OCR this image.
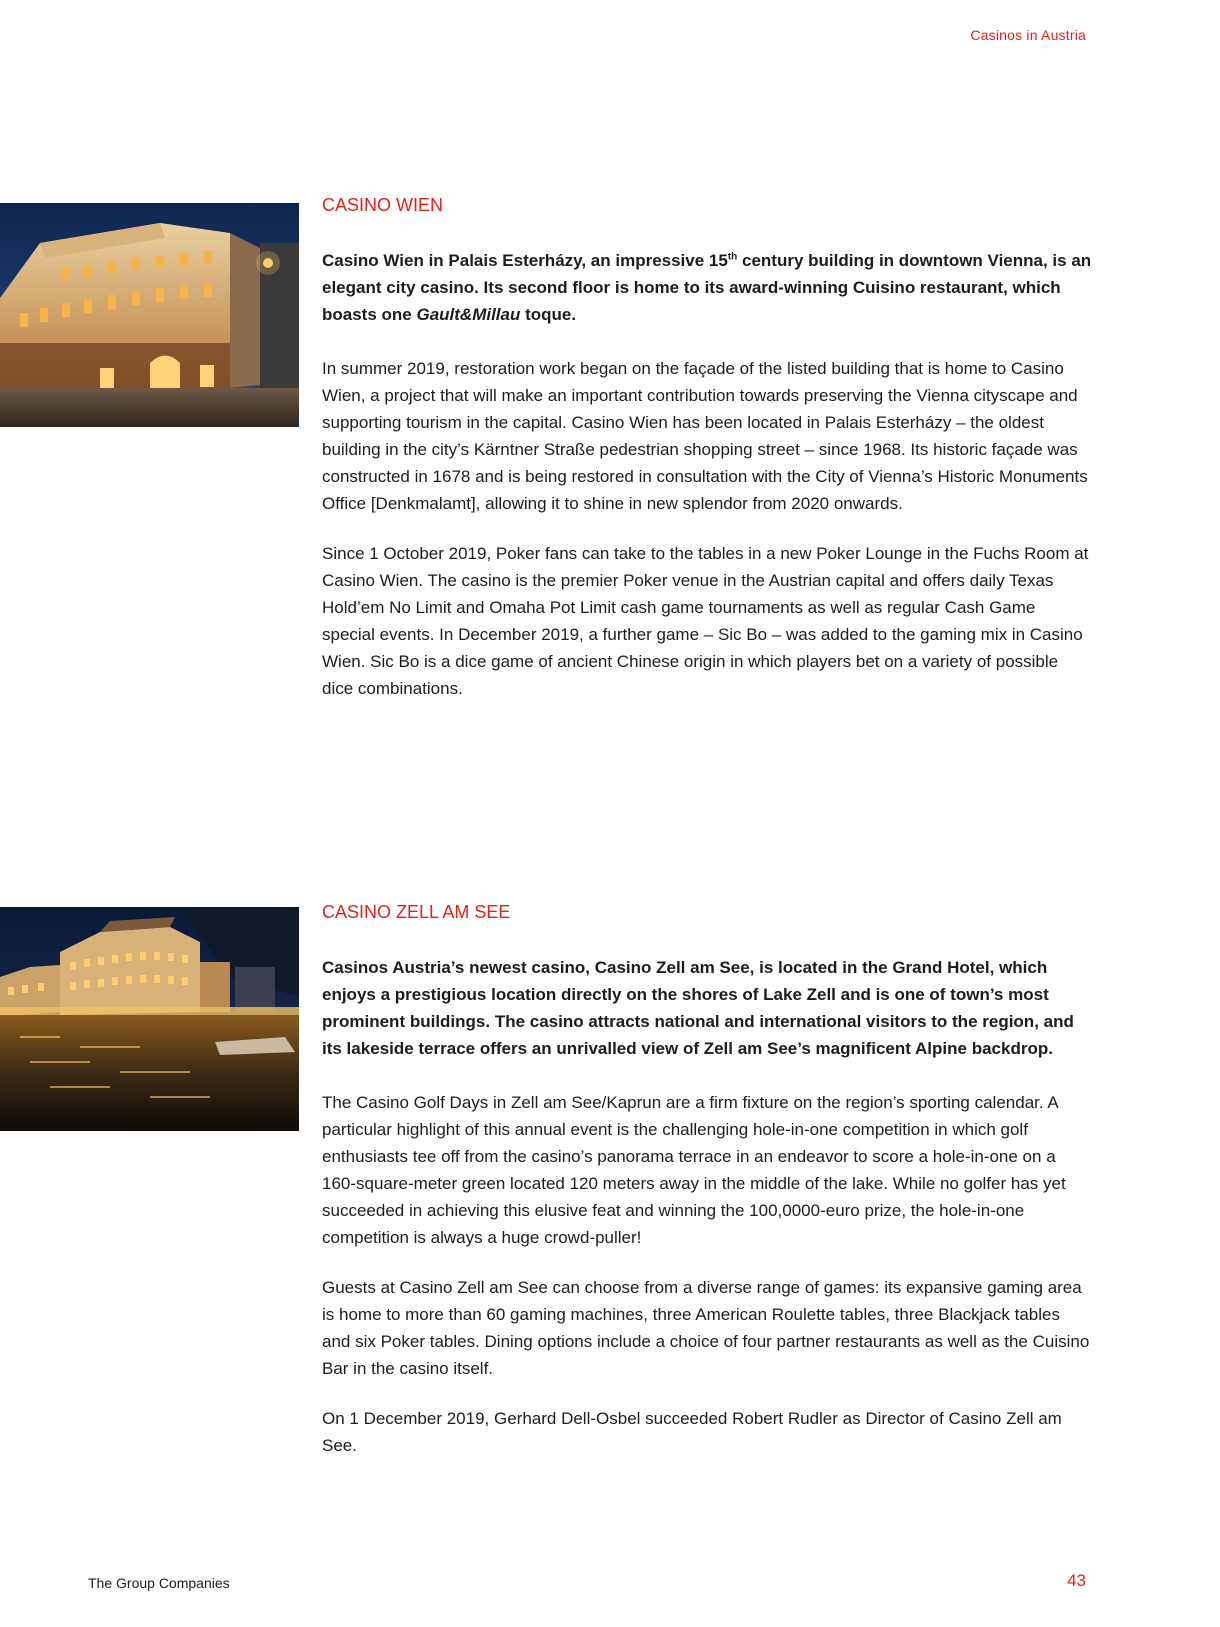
Casinos in Austria
CASINO WIEN

Casino Wien in Palais Esterházy, an impressive 15th century building in downtown Vienna, is an elegant city casino. Its second floor is home to its award-winning Cuisino restaurant, which boasts one Gault&Millau toque.

In summer 2019, restoration work began on the façade of the listed building that is home to Casino Wien, a project that will make an important contribution towards preserving the Vienna cityscape and supporting tourism in the capital. Casino Wien has been located in Palais Esterházy – the oldest building in the city’s Kärntner Straße pedestrian shopping street – since 1968. Its historic façade was constructed in 1678 and is being restored in consultation with the City of Vienna’s Historic Monuments Office [Denkmalamt], allowing it to shine in new splendor from 2020 onwards.

Since 1 October 2019, Poker fans can take to the tables in a new Poker Lounge in the Fuchs Room at Casino Wien. The casino is the premier Poker venue in the Austrian capital and offers daily Texas Hold’em No Limit and Omaha Pot Limit cash game tournaments as well as regular Cash Game special events. In December 2019, a further game – Sic Bo – was added to the gaming mix in Casino Wien. Sic Bo is a dice game of ancient Chinese origin in which players bet on a variety of possible dice combinations.

CASINO ZELL AM SEE

Casinos Austria’s newest casino, Casino Zell am See, is located in the Grand Hotel, which enjoys a prestigious location directly on the shores of Lake Zell and is one of town’s most prominent buildings. The casino attracts national and international visitors to the region, and its lakeside terrace offers an unrivalled view of Zell am See’s magnificent Alpine backdrop.

The Casino Golf Days in Zell am See/Kaprun are a firm fixture on the region’s sporting calendar. A particular highlight of this annual event is the challenging hole-in-one competition in which golf enthusiasts tee off from the casino’s panorama terrace in an endeavor to score a hole-in-one on a 160-square-meter green located 120 meters away in the middle of the lake. While no golfer has yet succeeded in achieving this elusive feat and winning the 100,0000-euro prize, the hole-in-one competition is always a huge crowd-puller!

Guests at Casino Zell am See can choose from a diverse range of games: its expansive gaming area is home to more than 60 gaming machines, three American Roulette tables, three Blackjack tables and six Poker tables. Dining options include a choice of four partner restaurants as well as the Cuisino Bar in the casino itself.

On 1 December 2019, Gerhard Dell-Osbel succeeded Robert Rudler as Director of Casino Zell am See.

The Group Companies	43
